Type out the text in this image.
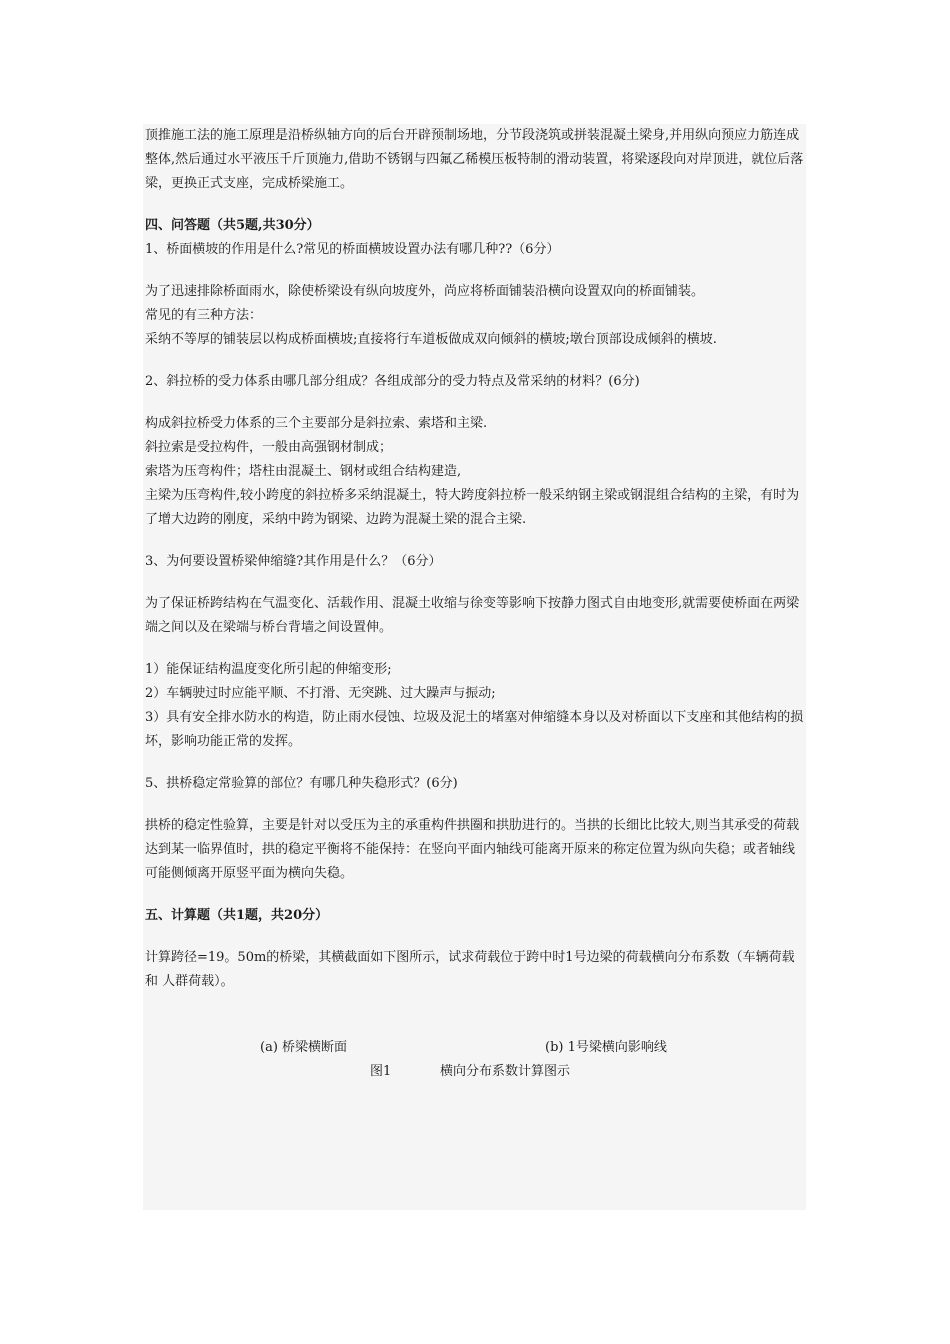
顶推施工法的施工原理是沿桥纵轴方向的后台开辟预制场地，分节段浇筑或拼装混凝土梁身,并用纵向预应力筋连成整体,然后通过水平液压千斤顶施力,借助不锈钢与四氟乙稀模压板特制的滑动装置，将梁逐段向对岸顶进，就位后落梁，更换正式支座，完成桥梁施工。

四、问答题（共5题,共30分）

1、桥面横坡的作用是什么?常见的桥面横坡设置办法有哪几种??（6分）

为了迅速排除桥面雨水，除使桥梁设有纵向坡度外，尚应将桥面铺装沿横向设置双向的桥面铺装。

常见的有三种方法：

采纳不等厚的铺装层以构成桥面横坡;直接将行车道板做成双向倾斜的横坡;墩台顶部设成倾斜的横坡.

2、斜拉桥的受力体系由哪几部分组成？各组成部分的受力特点及常采纳的材料？(6分)

构成斜拉桥受力体系的三个主要部分是斜拉索、索塔和主梁.

斜拉索是受拉构件，一般由高强钢材制成；

索塔为压弯构件；塔柱由混凝土、钢材或组合结构建造,

主梁为压弯构件,较小跨度的斜拉桥多采纳混凝土，特大跨度斜拉桥一般采纳钢主梁或钢混组合结构的主梁，有时为了增大边跨的刚度，采纳中跨为钢梁、边跨为混凝土梁的混合主梁.

3、为何要设置桥梁伸缩缝?其作用是什么？（6分）

为了保证桥跨结构在气温变化、活载作用、混凝土收缩与徐变等影响下按静力图式自由地变形,就需要使桥面在两梁端之间以及在梁端与桥台背墙之间设置伸。

1）能保证结构温度变化所引起的伸缩变形;

2）车辆驶过时应能平顺、不打滑、无突跳、过大躁声与振动;

3）具有安全排水防水的构造，防止雨水侵蚀、垃圾及泥土的堵塞对伸缩缝本身以及对桥面以下支座和其他结构的损坏，影响功能正常的发挥。

5、拱桥稳定常验算的部位？有哪几种失稳形式？(6分)

拱桥的稳定性验算，主要是针对以受压为主的承重构件拱圈和拱肋进行的。当拱的长细比比较大,则当其承受的荷载达到某一临界值时，拱的稳定平衡将不能保持：在竖向平面内轴线可能离开原来的称定位置为纵向失稳；或者轴线可能侧倾离开原竖平面为横向失稳。

五、计算题（共1题，共20分）

计算跨径=19。50m的桥梁，其横截面如下图所示，试求荷载位于跨中时1号边梁的荷载横向分布系数（车辆荷载和 人群荷载）。

(a) 桥梁横断面	(b) 1号梁横向影响线
图1	横向分布系数计算图示
